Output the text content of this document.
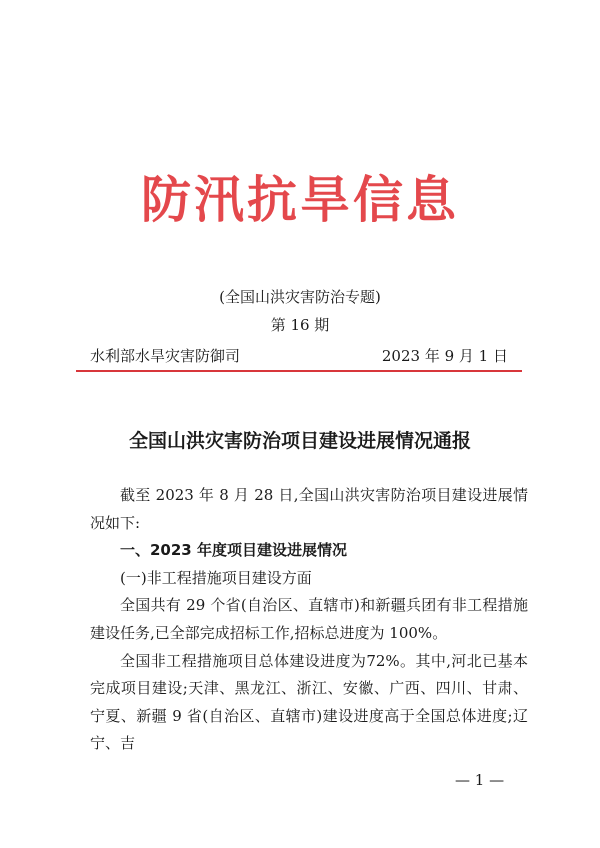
防汛抗旱信息
(全国山洪灾害防治专题)
第 16 期
水利部水旱灾害防御司	2023 年 9 月 1 日
全国山洪灾害防治项目建设进展情况通报

截至 2023 年 8 月 28 日,全国山洪灾害防治项目建设进展情况如下:

一、2023 年度项目建设进展情况

(一)非工程措施项目建设方面

全国共有 29 个省(自治区、直辖市)和新疆兵团有非工程措施建设任务,已全部完成招标工作,招标总进度为 100%。

全国非工程措施项目总体建设进度为72%。其中,河北已基本完成项目建设;天津、黑龙江、浙江、安徽、广西、四川、甘肃、宁夏、新疆 9 省(自治区、直辖市)建设进度高于全国总体进度;辽宁、吉

— 1 —
